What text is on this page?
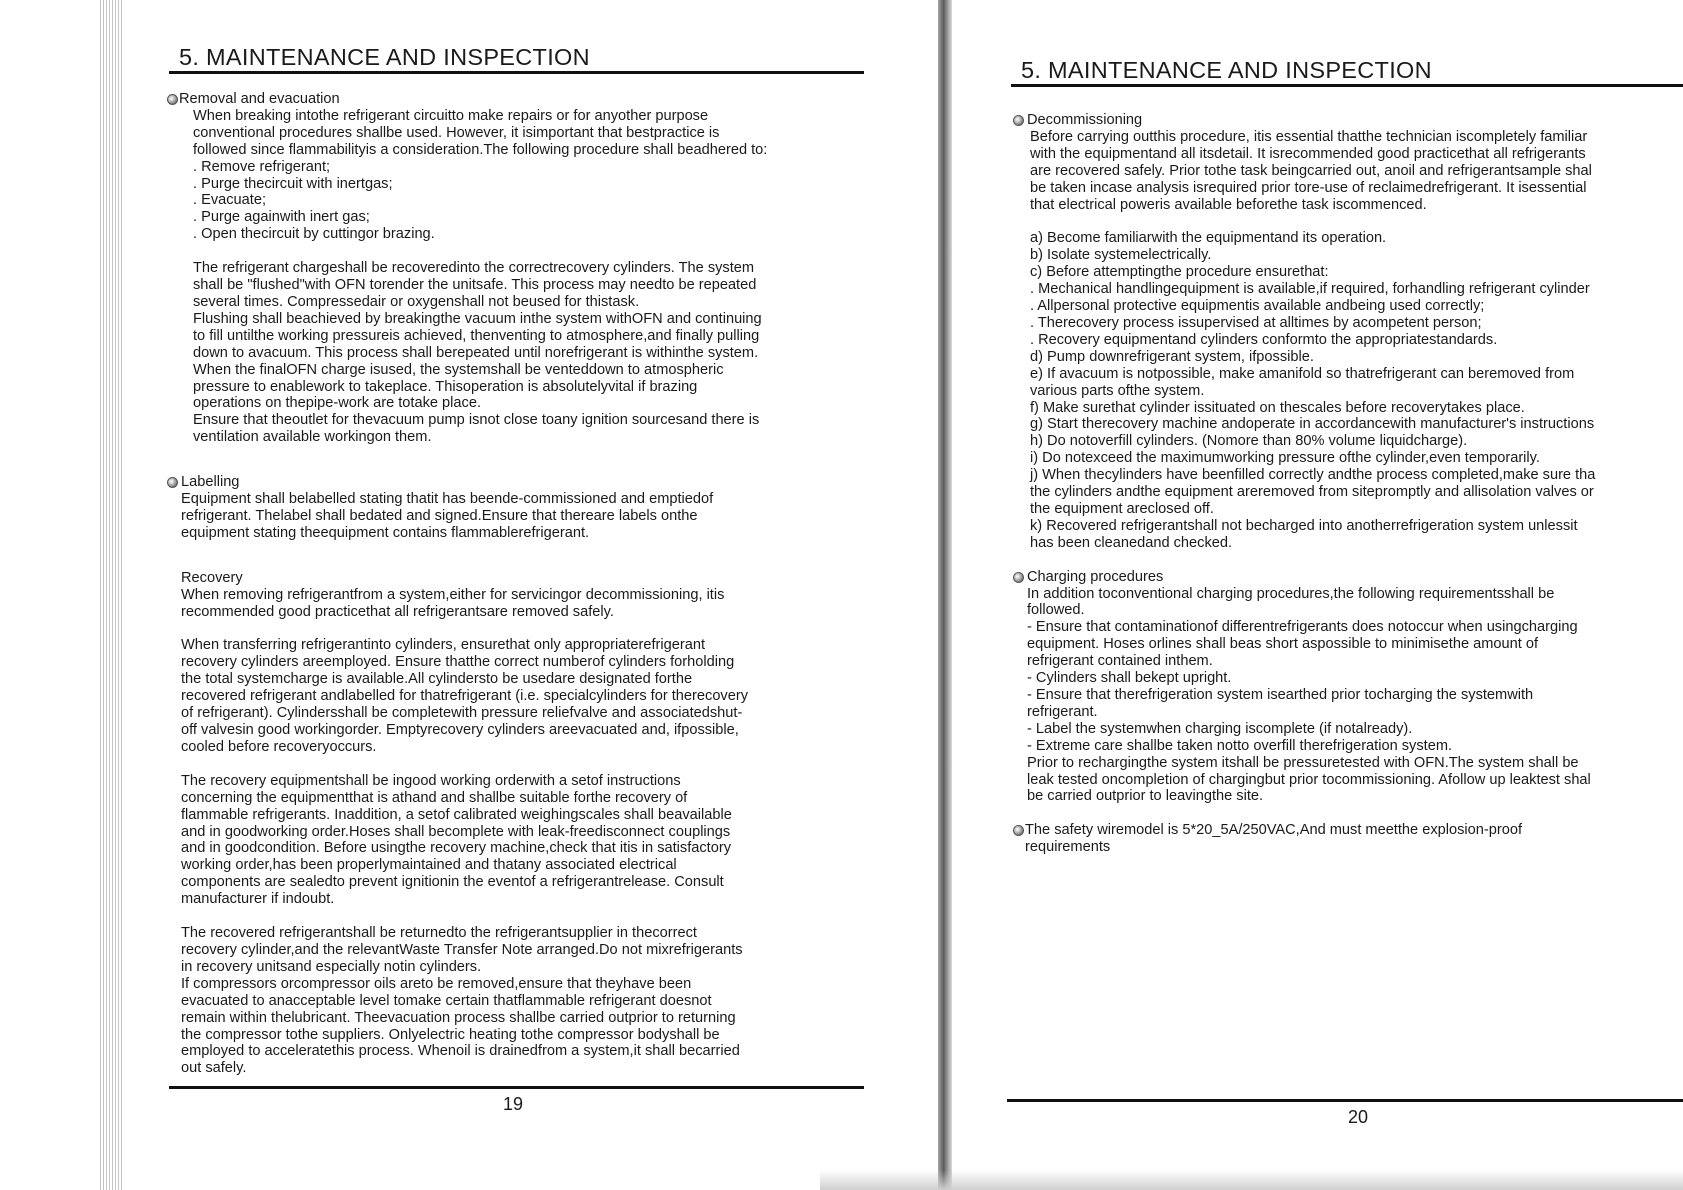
5. MAINTENANCE AND INSPECTION
Removal and evacuation
When breaking intothe refrigerant circuitto make repairs or for anyother purpose
conventional procedures shallbe used. However, it isimportant that bestpractice is
followed since flammabilityis a consideration.The following procedure shall beadhered to:
. Remove refrigerant;
. Purge thecircuit with inertgas;
. Evacuate;
. Purge againwith inert gas;
. Open thecircuit by cuttingor brazing.
The refrigerant chargeshall be recoveredinto the correctrecovery cylinders. The system
shall be "flushed"with OFN torender the unitsafe. This process may needto be repeated
several times. Compressedair or oxygenshall not beused for thistask.
Flushing shall beachieved by breakingthe vacuum inthe system withOFN and continuing
to fill untilthe working pressureis achieved, thenventing to atmosphere,and finally pulling
down to avacuum. This process shall berepeated until norefrigerant is withinthe system.
When the finalOFN charge isused, the systemshall be venteddown to atmospheric
pressure to enablework to takeplace. Thisoperation is absolutelyvital if brazing
operations on thepipe-work are totake place.
Ensure that theoutlet for thevacuum pump isnot close toany ignition sourcesand there is
ventilation available workingon them.
Labelling
Equipment shall belabelled stating thatit has beende-commissioned and emptiedof
refrigerant. Thelabel shall bedated and signed.Ensure that thereare labels onthe
equipment stating theequipment contains flammablerefrigerant.
Recovery
When removing refrigerantfrom a system,either for servicingor decommissioning, itis
recommended good practicethat all refrigerantsare removed safely.
When transferring refrigerantinto cylinders, ensurethat only appropriaterefrigerant
recovery cylinders areemployed. Ensure thatthe correct numberof cylinders forholding
the total systemcharge is available.All cylindersto be usedare designated forthe
recovered refrigerant andlabelled for thatrefrigerant (i.e. specialcylinders for therecovery
of refrigerant). Cylindersshall be completewith pressure reliefvalve and associatedshut-
off valvesin good workingorder. Emptyrecovery cylinders areevacuated and, ifpossible,
cooled before recoveryoccurs.
The recovery equipmentshall be ingood working orderwith a setof instructions
concerning the equipmentthat is athand and shallbe suitable forthe recovery of
flammable refrigerants. Inaddition, a setof calibrated weighingscales shall beavailable
and in goodworking order.Hoses shall becomplete with leak-freedisconnect couplings
and in goodcondition. Before usingthe recovery machine,check that itis in satisfactory
working order,has been properlymaintained and thatany associated electrical
components are sealedto prevent ignitionin the eventof a refrigerantrelease. Consult
manufacturer if indoubt.
The recovered refrigerantshall be returnedto the refrigerantsupplier in thecorrect
recovery cylinder,and the relevantWaste Transfer Note arranged.Do not mixrefrigerants
in recovery unitsand especially notin cylinders.
If compressors orcompressor oils areto be removed,ensure that theyhave been
evacuated to anacceptable level tomake certain thatflammable refrigerant doesnot
remain within thelubricant. Theevacuation process shallbe carried outprior to returning
the compressor tothe suppliers. Onlyelectric heating tothe compressor bodyshall be
employed to acceleratethis process. Whenoil is drainedfrom a system,it shall becarried
out safely.
19
5. MAINTENANCE AND INSPECTION
Decommissioning
Before carrying outthis procedure, itis essential thatthe technician iscompletely familiar
with the equipmentand all itsdetail. It isrecommended good practicethat all refrigerants
are recovered safely. Prior tothe task beingcarried out, anoil and refrigerantsample shal
be taken incase analysis isrequired prior tore-use of reclaimedrefrigerant. It isessential
that electrical poweris available beforethe task iscommenced.
a) Become familiarwith the equipmentand its operation.
b) Isolate systemelectrically.
c) Before attemptingthe procedure ensurethat:
. Mechanical handlingequipment is available,if required, forhandling refrigerant cylinder
. Allpersonal protective equipmentis available andbeing used correctly;
. Therecovery process issupervised at alltimes by acompetent person;
. Recovery equipmentand cylinders conformto the appropriatestandards.
d) Pump downrefrigerant system, ifpossible.
e) If avacuum is notpossible, make amanifold so thatrefrigerant can beremoved from
various parts ofthe system.
f) Make surethat cylinder issituated on thescales before recoverytakes place.
g) Start therecovery machine andoperate in accordancewith manufacturer's instructions
h) Do notoverfill cylinders. (Nomore than 80% volume liquidcharge).
i) Do notexceed the maximumworking pressure ofthe cylinder,even temporarily.
j) When thecylinders have beenfilled correctly andthe process completed,make sure tha
the cylinders andthe equipment areremoved from sitepromptly and allisolation valves or
the equipment areclosed off.
k) Recovered refrigerantshall not becharged into anotherrefrigeration system unlessit
has been cleanedand checked.
Charging procedures
In addition toconventional charging procedures,the following requirementsshall be
followed.
- Ensure that contaminationof differentrefrigerants does notoccur when usingcharging
equipment. Hoses orlines shall beas short aspossible to minimisethe amount of
refrigerant contained inthem.
- Cylinders shall bekept upright.
- Ensure that therefrigeration system isearthed prior tocharging the systemwith
refrigerant.
- Label the systemwhen charging iscomplete (if notalready).
- Extreme care shallbe taken notto overfill therefrigeration system.
Prior to rechargingthe system itshall be pressuretested with OFN.The system shall be
leak tested oncompletion of chargingbut prior tocommissioning. Afollow up leaktest shal
be carried outprior to leavingthe site.
The safety wiremodel is 5*20_5A/250VAC,And must meetthe explosion-proof
requirements
20
